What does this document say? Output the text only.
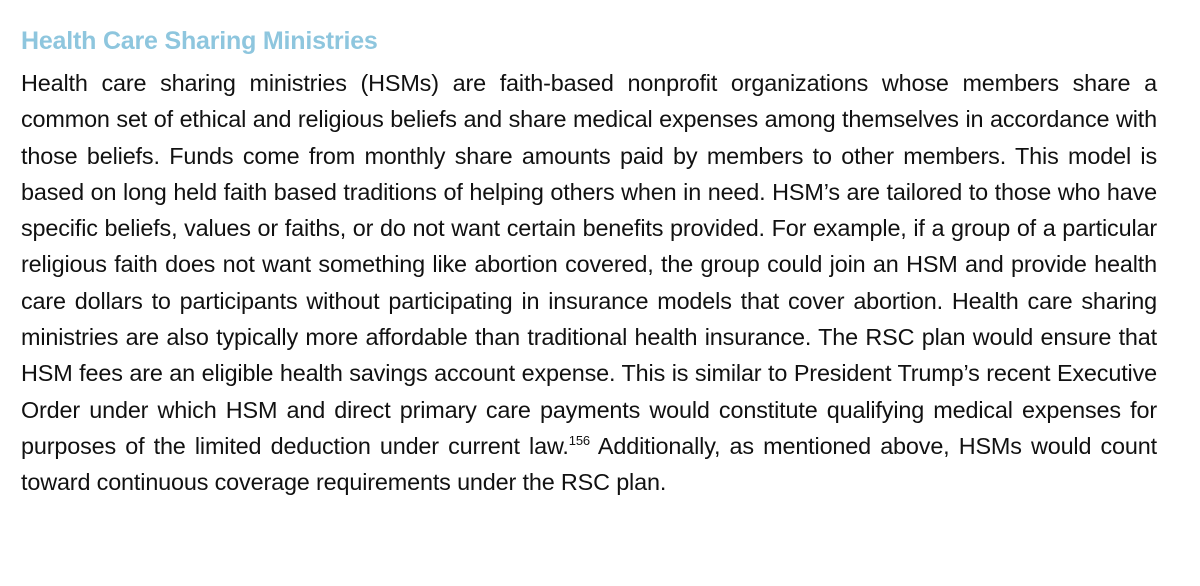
Health Care Sharing Ministries

Health care sharing ministries (HSMs) are faith-based nonprofit organizations whose members share a common set of ethical and religious beliefs and share medical expenses among themselves in accordance with those beliefs. Funds come from monthly share amounts paid by members to other members. This model is based on long held faith based traditions of helping others when in need. HSM’s are tailored to those who have specific beliefs, values or faiths, or do not want certain benefits provided. For example, if a group of a particular religious faith does not want something like abortion covered, the group could join an HSM and provide health care dollars to participants without participating in insurance models that cover abortion. Health care sharing ministries are also typically more affordable than traditional health insurance. The RSC plan would ensure that HSM fees are an eligible health savings account expense. This is similar to President Trump’s recent Executive Order under which HSM and direct primary care payments would constitute qualifying medical expenses for purposes of the limited deduction under current law.$^{156}$ Additionally, as mentioned above, HSMs would count toward continuous coverage requirements under the RSC plan.
